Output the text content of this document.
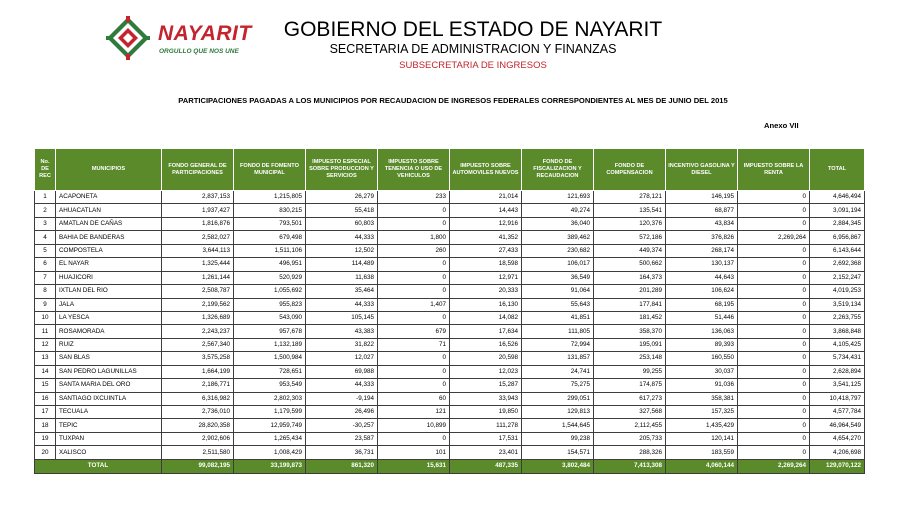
NAYARIT
ORGULLO QUE NOS UNE
GOBIERNO DEL ESTADO DE NAYARIT
SECRETARIA DE ADMINISTRACION Y FINANZAS
SUBSECRETARIA DE INGRESOS
PARTICIPACIONES PAGADAS A LOS MUNICIPIOS POR RECAUDACION DE INGRESOS FEDERALES CORRESPONDIENTES AL MES DE JUNIO DEL 2015
Anexo VII
No. DE REC	MUNICIPIOS	FONDO GENERAL DE PARTICIPACIONES	FONDO DE FOMENTO MUNICIPAL	IMPUESTO ESPECIAL SOBRE PRODUCCION Y SERVICIOS	IMPUESTO SOBRE TENENCIA O USO DE VEHICULOS	IMPUESTO SOBRE AUTOMOVILES NUEVOS	FONDO DE FISCALIZACION Y RECAUDACION	FONDO DE COMPENSACION	INCENTIVO GASOLINA Y DIESEL	IMPUESTO SOBRE LA RENTA	TOTAL
1	ACAPONETA	2,837,153	1,215,805	26,279	233	21,014	121,693	278,121	146,195	0	4,646,494
2	AHUACATLAN	1,937,427	830,215	55,418	0	14,443	49,274	135,541	68,877	0	3,091,194
3	AMATLAN DE CAÑAS	1,816,876	793,501	60,803	0	12,916	36,040	120,376	43,834	0	2,884,345
4	BAHIA DE BANDERAS	2,582,027	679,498	44,333	1,800	41,352	389,462	572,186	376,826	2,269,264	6,956,867
5	COMPOSTELA	3,644,113	1,511,106	12,502	260	27,433	230,682	449,374	268,174	0	6,143,644
6	EL NAYAR	1,325,444	496,951	114,489	0	18,598	106,017	500,662	130,137	0	2,692,368
7	HUAJICORI	1,261,144	520,929	11,638	0	12,971	36,549	164,373	44,643	0	2,152,247
8	IXTLAN DEL RIO	2,508,787	1,055,692	35,464	0	20,333	91,064	201,289	106,624	0	4,019,253
9	JALA	2,199,562	955,823	44,333	1,407	16,130	55,643	177,841	68,195	0	3,519,134
10	LA YESCA	1,326,689	543,090	105,145	0	14,082	41,851	181,452	51,446	0	2,263,755
11	ROSAMORADA	2,243,237	957,678	43,383	679	17,634	111,805	358,370	136,063	0	3,868,848
12	RUIZ	2,567,340	1,132,189	31,822	71	16,526	72,994	195,091	89,393	0	4,105,425
13	SAN BLAS	3,575,258	1,500,984	12,027	0	20,598	131,857	253,148	160,550	0	5,734,431
14	SAN PEDRO LAGUNILLAS	1,664,199	728,651	69,988	0	12,023	24,741	99,255	30,037	0	2,628,894
15	SANTA MARIA DEL ORO	2,186,771	953,549	44,333	0	15,287	75,275	174,875	91,036	0	3,541,125
16	SANTIAGO IXCUINTLA	6,316,982	2,802,303	-9,194	60	33,943	299,051	617,273	358,381	0	10,418,797
17	TECUALA	2,736,010	1,179,599	26,496	121	19,850	129,813	327,568	157,325	0	4,577,784
18	TEPIC	28,820,358	12,959,749	-30,257	10,899	111,278	1,544,645	2,112,455	1,435,429	0	46,964,549
19	TUXPAN	2,902,606	1,265,434	23,587	0	17,531	99,238	205,733	120,141	0	4,654,270
20	XALISCO	2,511,580	1,008,429	36,731	101	23,401	154,571	288,326	183,559	0	4,206,698
TOTAL		99,082,195	33,199,873	861,320	15,631	487,335	3,802,484	7,413,308	4,060,144	2,269,264	129,070,122
